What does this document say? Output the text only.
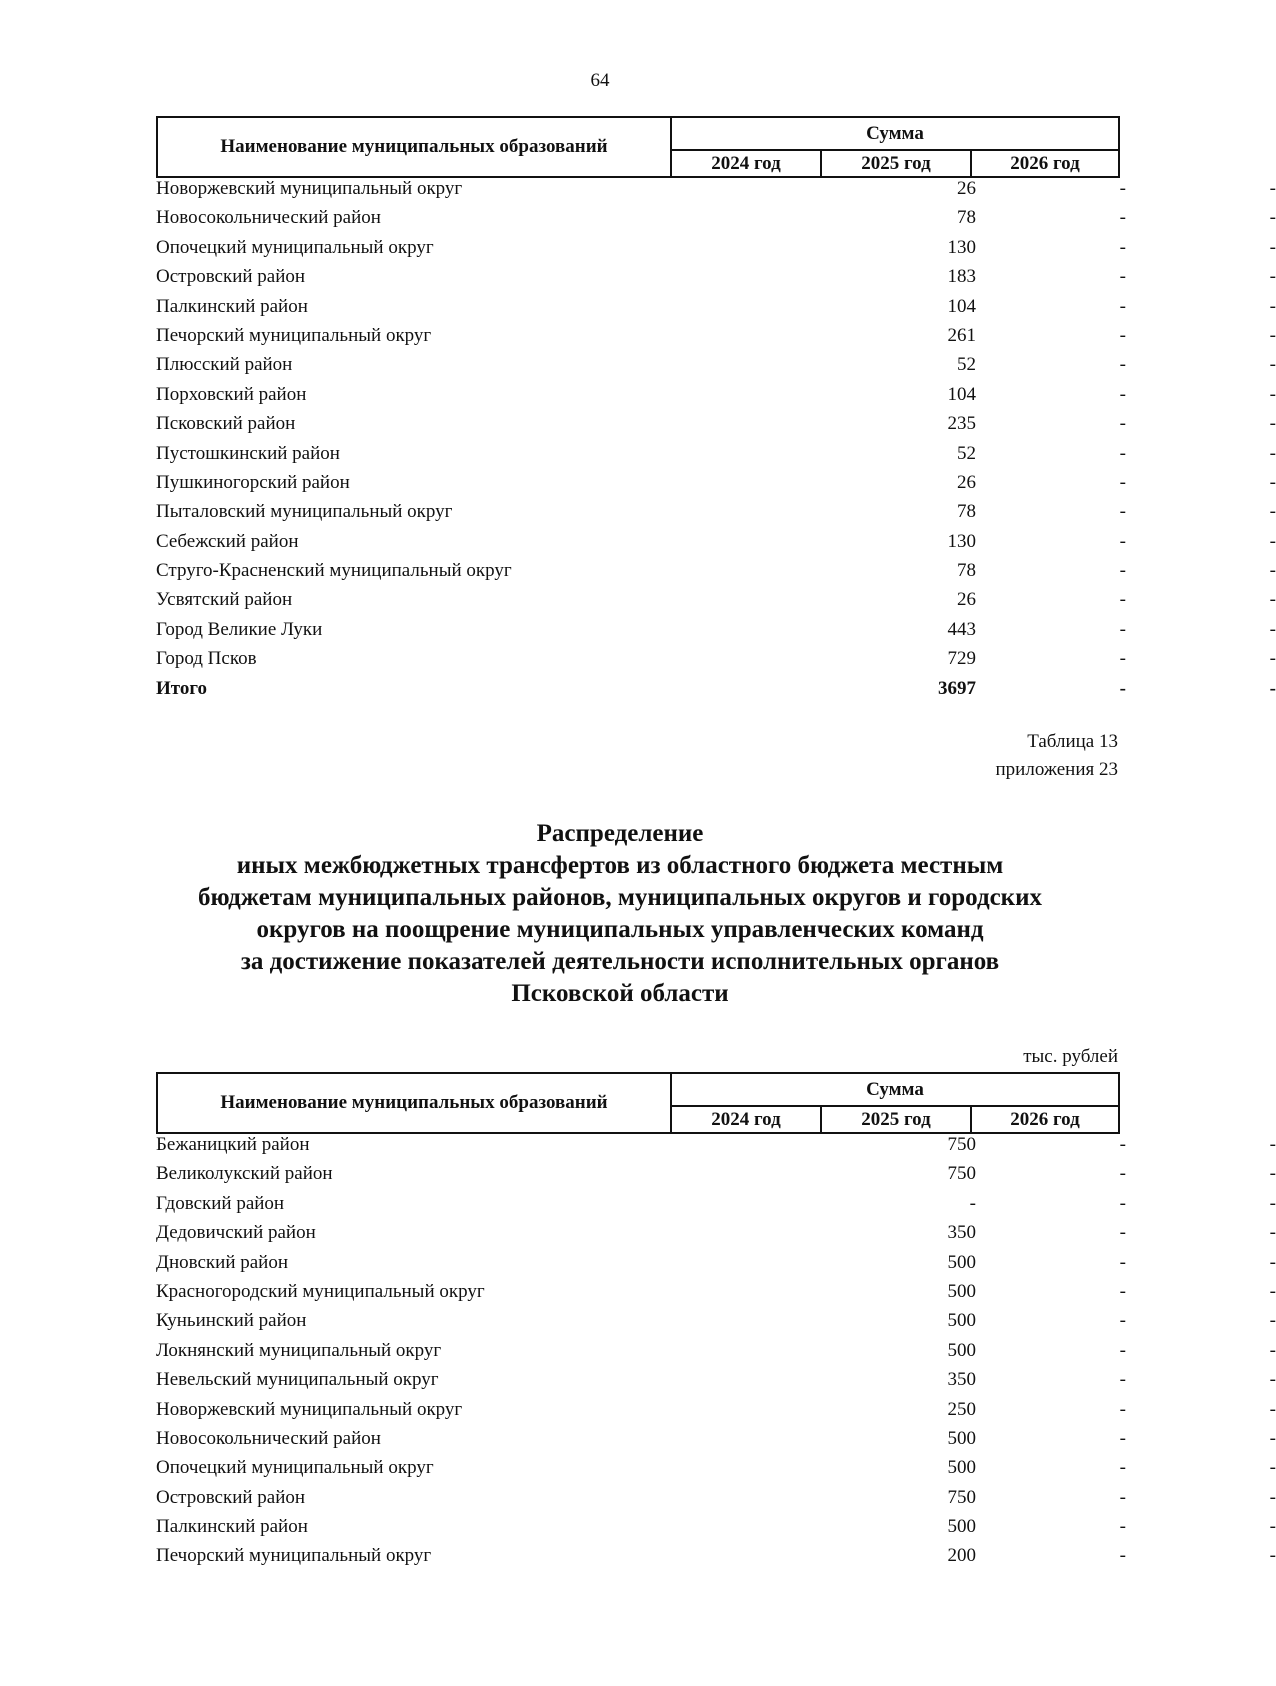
64
Наименование муниципальных образований
Сумма
2024 год	2025 год	2026 год
Новоржевский муниципальный округ	26	-	-
Новосокольнический район	78	-	-
Опочецкий муниципальный округ	130	-	-
Островский район	183	-	-
Палкинский район	104	-	-
Печорский муниципальный округ	261	-	-
Плюсский район	52	-	-
Порховский район	104	-	-
Псковский район	235	-	-
Пустошкинский район	52	-	-
Пушкиногорский район	26	-	-
Пыталовский муниципальный округ	78	-	-
Себежский район	130	-	-
Струго-Красненский муниципальный округ	78	-	-
Усвятский район	26	-	-
Город Великие Луки	443	-	-
Город Псков	729	-	-
Итого	3697	-	-
Таблица 13
приложения 23
Распределение
иных межбюджетных трансфертов из областного бюджета местным
бюджетам муниципальных районов, муниципальных округов и городских
округов на поощрение муниципальных управленческих команд
за достижение показателей деятельности исполнительных органов
Псковской области
тыс. рублей
Наименование муниципальных образований
Сумма
2024 год	2025 год	2026 год
Бежаницкий район	750	-	-
Великолукский район	750	-	-
Гдовский район	-	-	-
Дедовичский район	350	-	-
Дновский район	500	-	-
Красногородский муниципальный округ	500	-	-
Куньинский район	500	-	-
Локнянский муниципальный округ	500	-	-
Невельский муниципальный округ	350	-	-
Новоржевский муниципальный округ	250	-	-
Новосокольнический район	500	-	-
Опочецкий муниципальный округ	500	-	-
Островский район	750	-	-
Палкинский район	500	-	-
Печорский муниципальный округ	200	-	-
